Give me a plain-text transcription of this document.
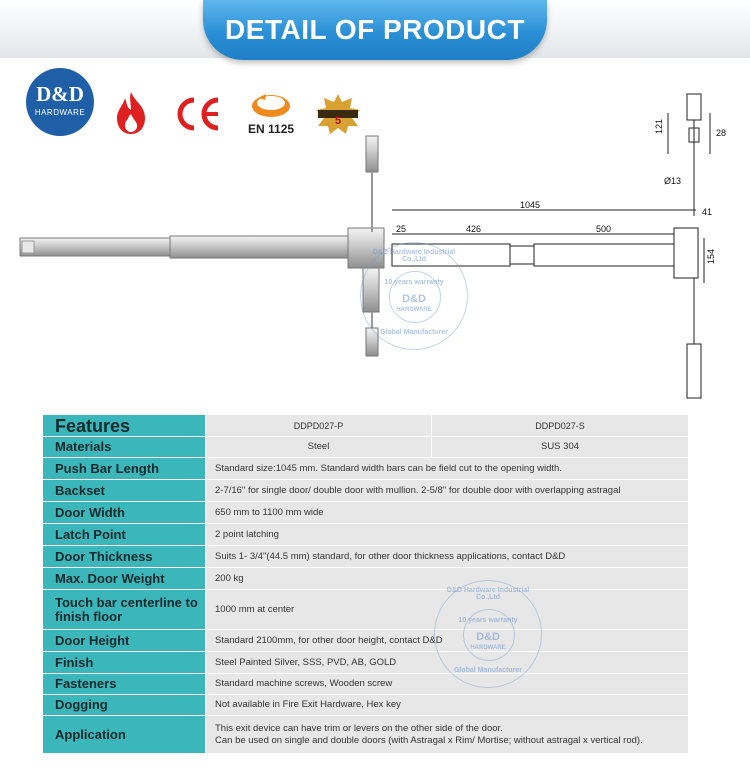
DETAIL OF PRODUCT
D&D
HARDWARE
EN 1125
5	121	28
Ø13
1045
41
25	426	500
154
D&D Hardware Industrial Co.,Ltd
10 years warranty
D&D
HARDWARE
Global Manufacturer
Features	DDPD027-P	DDPD027-S
Materials	Steel	SUS 304
Push Bar Length	Standard size:1045 mm. Standard width bars can be field cut to the opening width.	
Backset	2-7/16" for single door/ double door with mullion. 2-5/8" for double door with overlapping astragal	
Door Width	650 mm to 1100 mm wide	
Latch Point	2 point latching	
Door Thickness	Suits 1- 3/4"(44.5 mm) standard, for other door thickness applications, contact D&D	
Max. Door Weight	200 kg	
Touch bar centerline to finish floor	1000 mm at center	
Door Height	Standard 2100mm, for other door height, contact D&D	
Finish	Steel Painted Silver, SSS, PVD, AB, GOLD	
Fasteners	Standard machine screws, Wooden screw	
Dogging	Not available in Fire Exit Hardware, Hex key	
Application	This exit device can have trim or levers on the other side of the door.
Can be used on single and double doors (with Astragal x Rim/ Mortise; without astragal x vertical rod).	
D&D Hardware Industrial Co.,Ltd
10 years warranty
D&D
HARDWARE
Global Manufacturer
